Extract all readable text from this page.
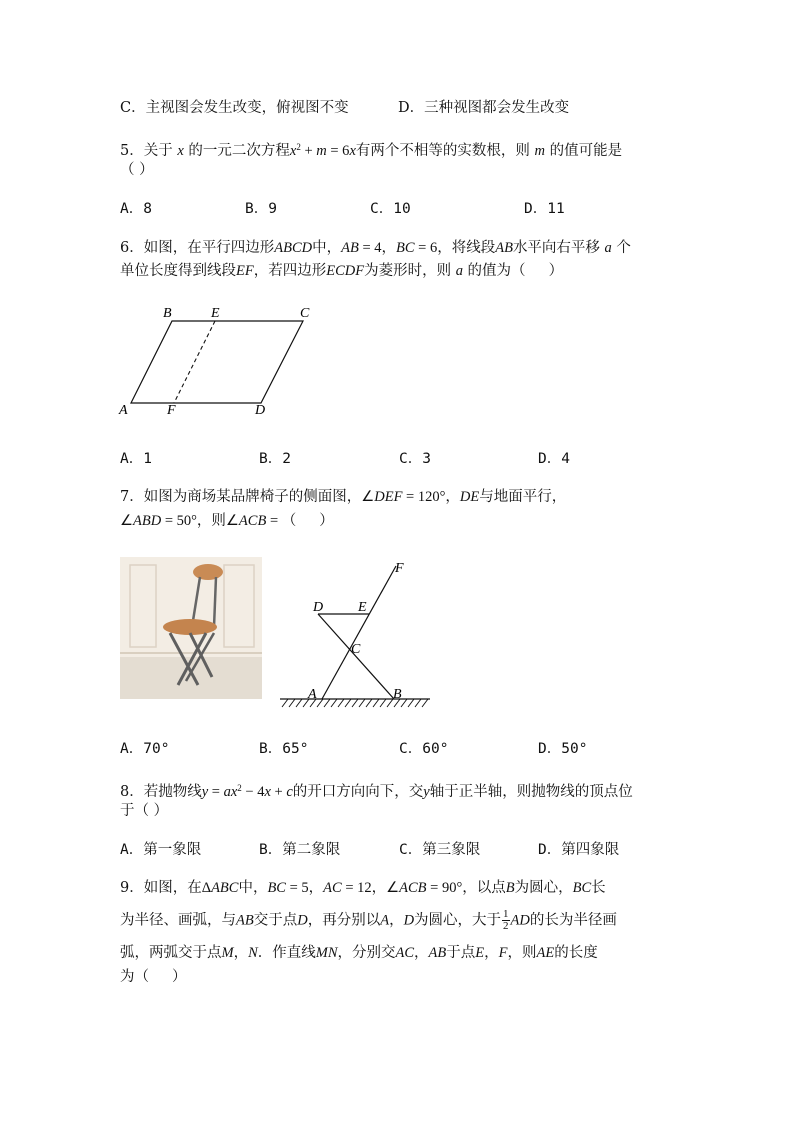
C．主视图会发生改变，俯视图不变	D．三种视图都会发生改变
5．关于 x 的一元二次方程$x^2 + m = 6x$有两个不相等的实数根，则 m 的值可能是
（ ）
A．8	B．9	C．10	D．11
6．如图，在平行四边形ABCD中，AB = 4，BC = 6，将线段AB水平向右平移 a 个
单位长度得到线段EF，若四边形ECDF为菱形时，则 a 的值为（     ）
B	E	C
A	F	D
A．1	B．2	C．3	D．4
7．如图为商场某品牌椅子的侧面图，∠DEF = 120°，DE与地面平行，
∠ABD = 50°，则∠ACB = （     ）
F
D E
C
A	B
A．70°	B．65°	C．60°	D．50°
8．若抛物线$y = ax^2 - 4x + c$的开口方向向下，交y轴于正半轴，则抛物线的顶点位
于（ ）
A．第一象限	B．第二象限	C．第三象限	D．第四象限
9．如图，在ΔABC中，BC = 5，AC = 12，∠ACB = 90°，以点B为圆心，BC长
为半径、画弧，与AB交于点D，再分别以A，D为圆心，大于 $\frac{1}{2}$ AD的长为半径画
弧，两弧交于点M，N．作直线MN，分别交AC，AB于点E，F，则AE的长度
为（     ）
